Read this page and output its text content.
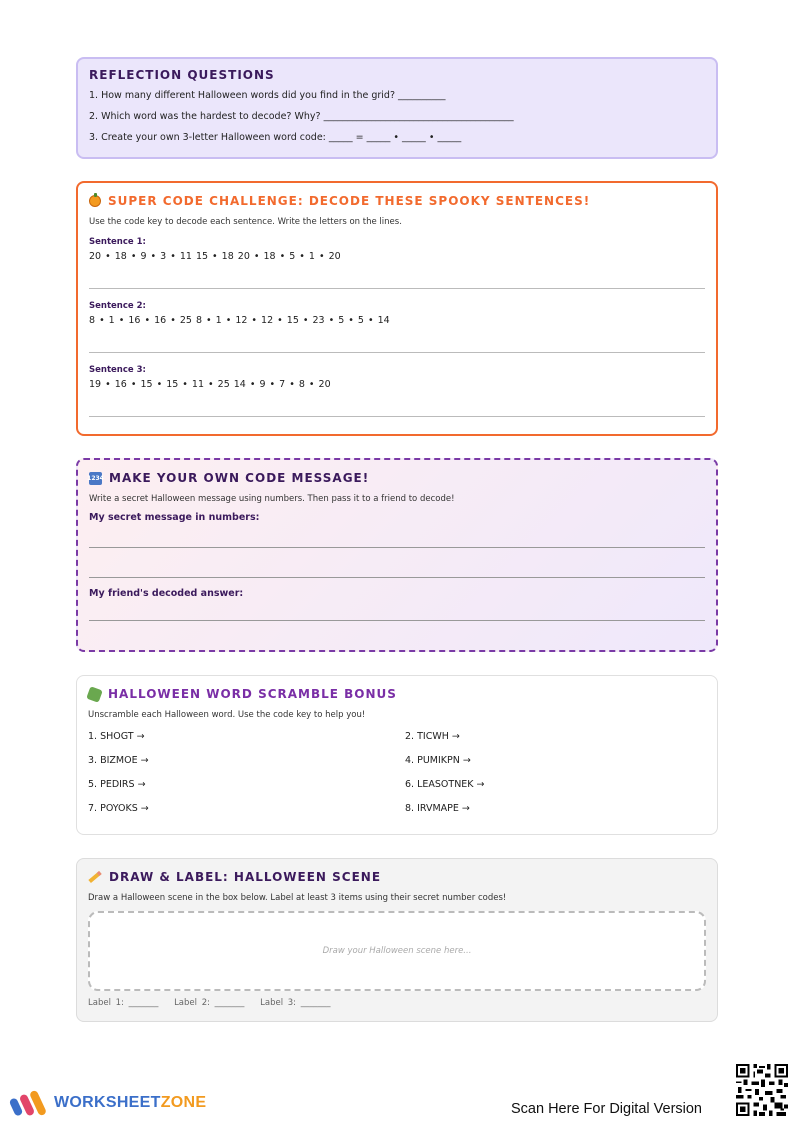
REFLECTION QUESTIONS
1. How many different Halloween words did you find in the grid? __________
2. Which word was the hardest to decode? Why? ________________________________________
3. Create your own 3-letter Halloween word code: _____ = _____ • _____ • _____
SUPER CODE CHALLENGE: DECODE THESE SPOOKY SENTENCES!
Use the code key to decode each sentence. Write the letters on the lines.
Sentence 1:
20 • 18 • 9 • 3 • 11 15 • 18 20 • 18 • 5 • 1 • 20
Sentence 2:
8 • 1 • 16 • 16 • 25 8 • 1 • 12 • 12 • 15 • 23 • 5 • 5 • 14
Sentence 3:
19 • 16 • 15 • 15 • 11 • 25 14 • 9 • 7 • 8 • 20
1234 MAKE YOUR OWN CODE MESSAGE!
Write a secret Halloween message using numbers. Then pass it to a friend to decode!
My secret message in numbers:
My friend's decoded answer:
HALLOWEEN WORD SCRAMBLE BONUS
Unscramble each Halloween word. Use the code key to help you!
1. SHOGT →	2. TICWH →
3. BIZMOE →	4. PUMIKPN →
5. PEDIRS →	6. LEASOTNEK →
7. POYOKS →	8. IRVMAPE →
DRAW & LABEL: HALLOWEEN SCENE
Draw a Halloween scene in the box below. Label at least 3 items using their secret number codes!
Draw your Halloween scene here...
Label 1: _______ Label 2: _______ Label 3: _______
WORKSHEETZONE	Scan Here For Digital Version
